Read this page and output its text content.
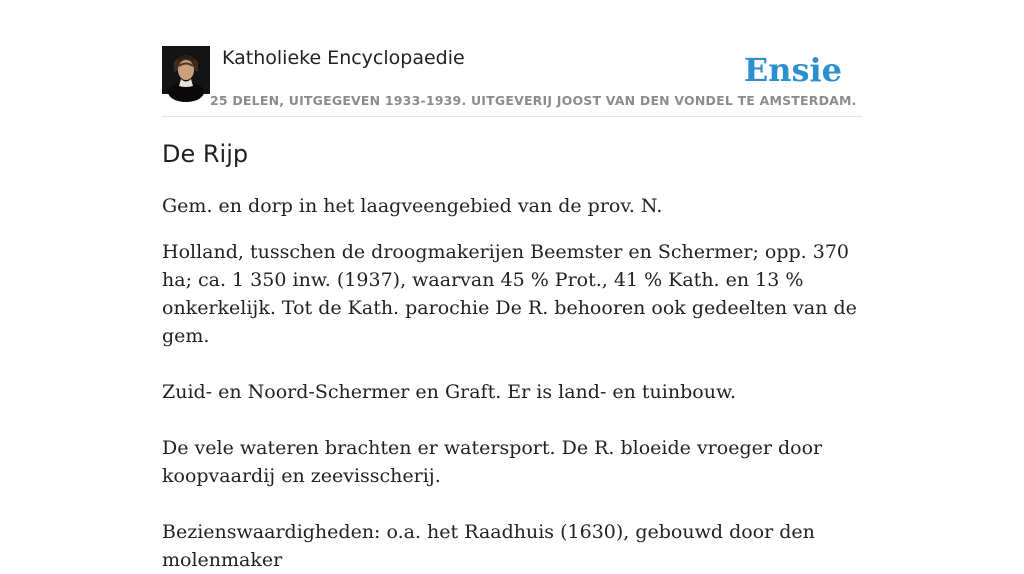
Katholieke Encyclopaedie	Ensie
25 DELEN, UITGEGEVEN 1933-1939. UITGEVERIJ JOOST VAN DEN VONDEL TE AMSTERDAM.
De Rijp

Gem. en dorp in het laagveengebied van de prov. N.

Holland, tusschen de droogmakerijen Beemster en Schermer; opp. 370 ha; ca. 1 350 inw. (1937), waarvan 45 % Prot., 41 % Kath. en 13 % onkerkelijk. Tot de Kath. parochie De R. behooren ook gedeelten van de gem.

Zuid- en Noord-Schermer en Graft. Er is land- en tuinbouw.

De vele wateren brachten er watersport. De R. bloeide vroeger door koopvaardij en zeevisscherij.

Bezienswaardigheden: o.a. het Raadhuis (1630), gebouwd door den molenmaker
